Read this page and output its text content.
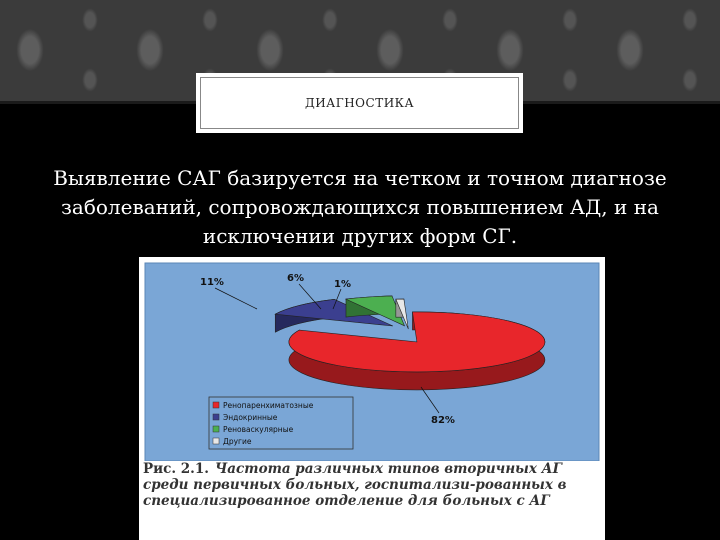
ДИАГНОСТИКА
Выявление САГ базируется на четком и точном диагнозе заболеваний, сопровождающихся повышением АД, и на исключении других форм СГ.
82%
11%	6%
1%
Ренопаренхиматозные
Эндокринные
Реноваскулярные
Другие
Рис. 2.1. Частота различных типов вторичных АГ среди первичных больных, госпитализи-рованных в специализированное отделение для больных с АГ
